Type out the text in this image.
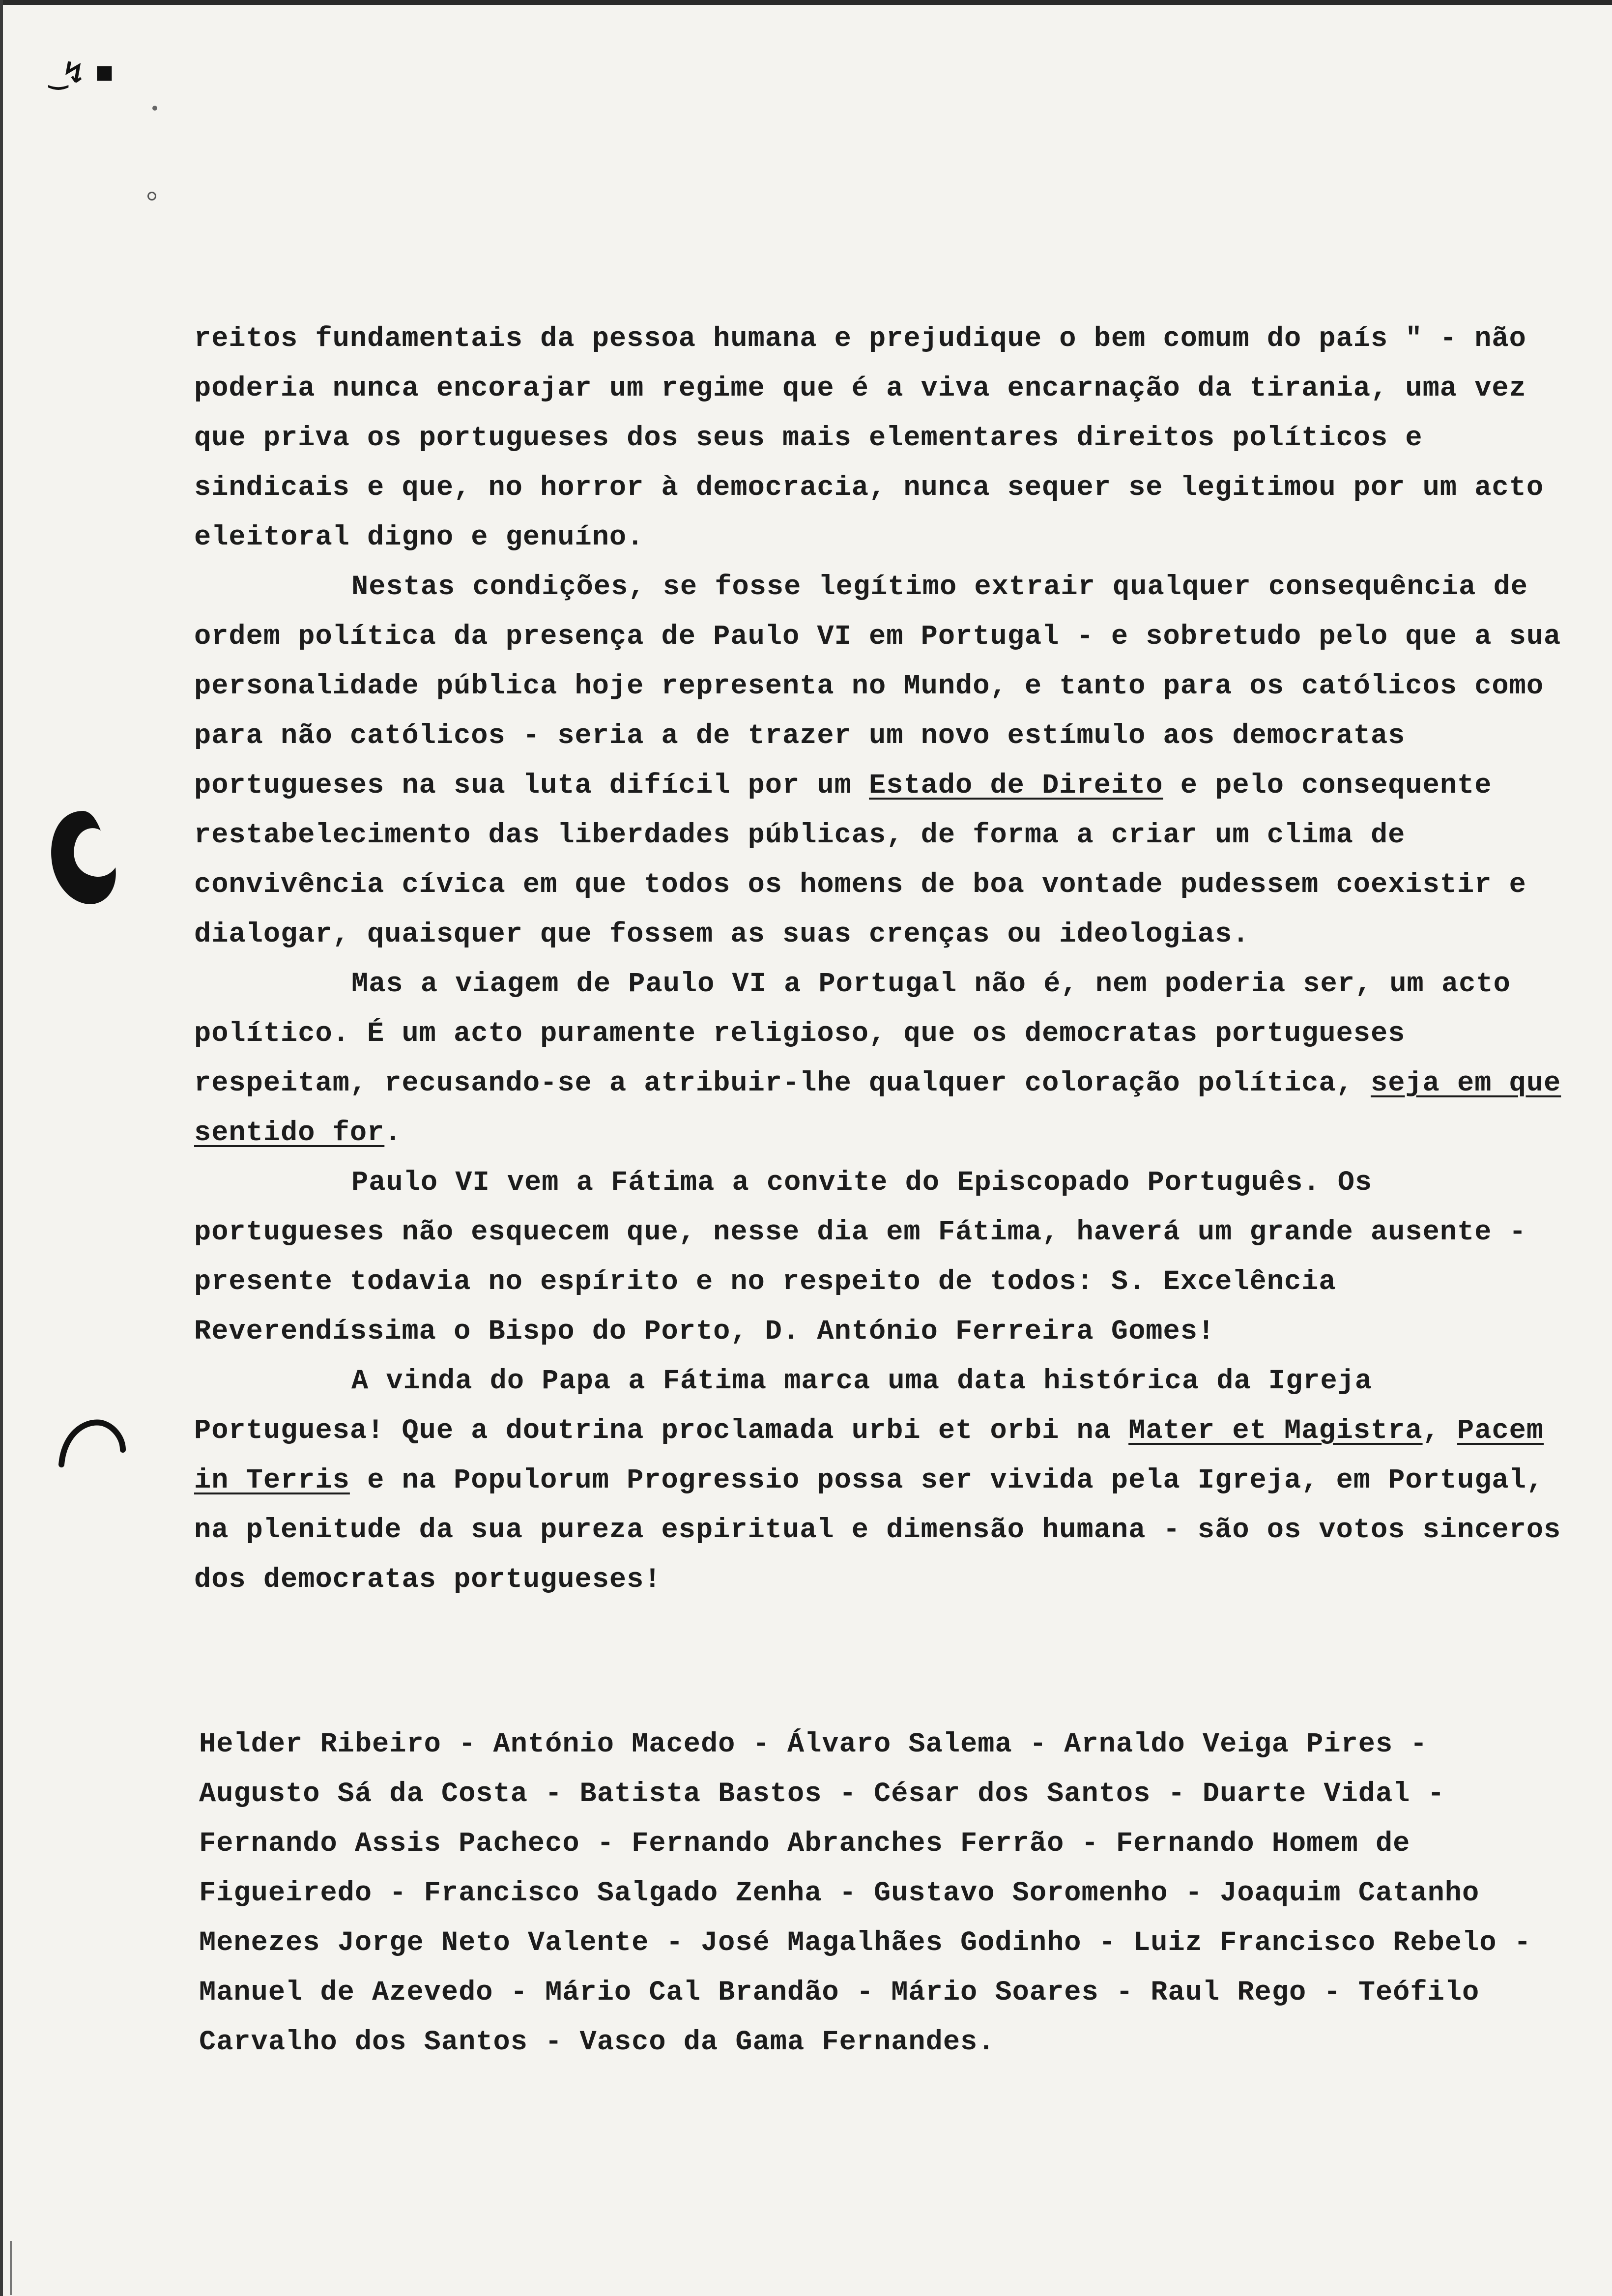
‿↯ ■

reitos fundamentais da pessoa humana e prejudique o bem comum do país " - não poderia nunca encorajar um regime que é a viva encarnação da tirania, uma vez que priva os portugueses dos seus mais elementares direitos políticos e sindicais e que, no horror à democracia, nunca sequer se legitimou por um acto eleitoral digno e genuíno.

Nestas condições, se fosse legítimo extrair qualquer consequência de ordem política da presença de Paulo VI em Portugal - e sobretudo pelo que a sua personalidade pública hoje representa no Mundo, e tanto para os católicos como para não católicos - seria a de trazer um novo estímulo aos democratas portugueses na sua luta difícil por um Estado de Direito e pelo consequente restabelecimento das liberdades públicas, de forma a criar um clima de convivência cívica em que todos os homens de boa vontade pudessem coexistir e dialogar, quaisquer que fossem as suas crenças ou ideologias.

Mas a viagem de Paulo VI a Portugal não é, nem poderia ser, um acto político. É um acto puramente religioso, que os democratas portugueses respeitam, recusando-se a atribuir-lhe qualquer coloração política, seja em que sentido for.

Paulo VI vem a Fátima a convite do Episcopado Português. Os portugueses não esquecem que, nesse dia em Fátima, haverá um grande ausente - presente todavia no espírito e no respeito de todos: S. Excelência Reverendíssima o Bispo do Porto, D. António Ferreira Gomes!

A vinda do Papa a Fátima marca uma data histórica da Igreja Portuguesa! Que a doutrina proclamada urbi et orbi na Mater et Magistra, Pacem in Terris e na Populorum Progressio possa ser vivida pela Igreja, em Portugal, na plenitude da sua pureza espiritual e dimensão humana - são os votos sinceros dos democratas portugueses!

Helder Ribeiro - António Macedo - Álvaro Salema - Arnaldo Veiga Pires - Augusto Sá da Costa - Batista Bastos - César dos Santos - Duarte Vidal - Fernando Assis Pacheco - Fernando Abranches Ferrão - Fernando Homem de Figueiredo - Francisco Salgado Zenha - Gustavo Soromenho - Joaquim Catanho Menezes Jorge Neto Valente - José Magalhães Godinho - Luiz Francisco Rebelo - Manuel de Azevedo - Mário Cal Brandão - Mário Soares - Raul Rego - Teófilo Carvalho dos Santos - Vasco da Gama Fernandes.
